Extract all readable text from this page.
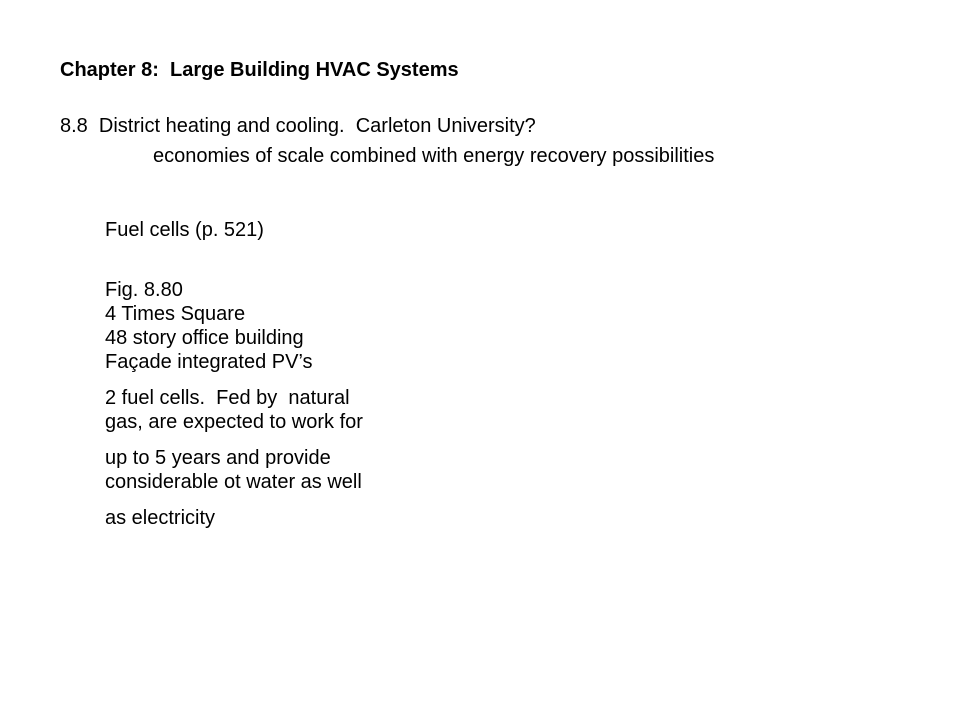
Chapter 8:  Large Building HVAC Systems
8.8  District heating and cooling.  Carleton University?
economies of scale combined with energy recovery possibilities
Fuel cells (p. 521)
Fig. 8.80
4 Times Square
48 story office building
Façade integrated PV’s
2 fuel cells.  Fed by  natural
gas, are expected to work for
up to 5 years and provide
considerable ot water as well
as electricity
